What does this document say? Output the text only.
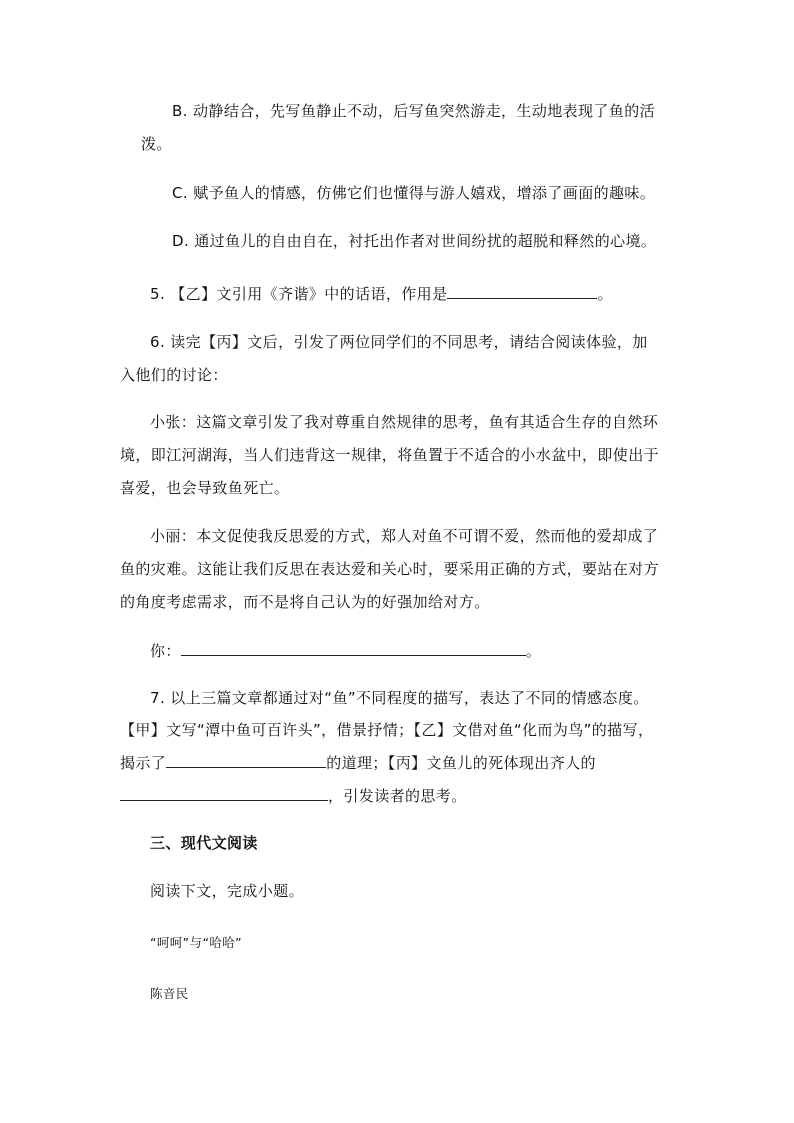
B. 动静结合，先写鱼静止不动，后写鱼突然游走，生动地表现了鱼的活
泼。
C. 赋予鱼人的情感，仿佛它们也懂得与游人嬉戏，增添了画面的趣味。
D. 通过鱼儿的自由自在，衬托出作者对世间纷扰的超脱和释然的心境。
5. 【乙】文引用《齐谐》中的话语，作用是	。
6. 读完【丙】文后，引发了两位同学们的不同思考，请结合阅读体验，加
入他们的讨论：
小张：这篇文章引发了我对尊重自然规律的思考，鱼有其适合生存的自然环
境，即江河湖海，当人们违背这一规律，将鱼置于不适合的小水盆中，即使出于
喜爱，也会导致鱼死亡。
小丽：本文促使我反思爱的方式，郑人对鱼不可谓不爱，然而他的爱却成了
鱼的灾难。这能让我们反思在表达爱和关心时，要采用正确的方式，要站在对方
的角度考虑需求，而不是将自己认为的好强加给对方。
你：	。
7. 以上三篇文章都通过对“鱼”不同程度的描写，表达了不同的情感态度。
【甲】文写“潭中鱼可百许头”，借景抒情；【乙】文借对鱼“化而为鸟”的描写，
揭示了	的道理；【丙】文鱼儿的死体现出齐人的
，引发读者的思考。
三、现代文阅读
阅读下文，完成小题。
“呵呵”与“哈哈”
陈音民
